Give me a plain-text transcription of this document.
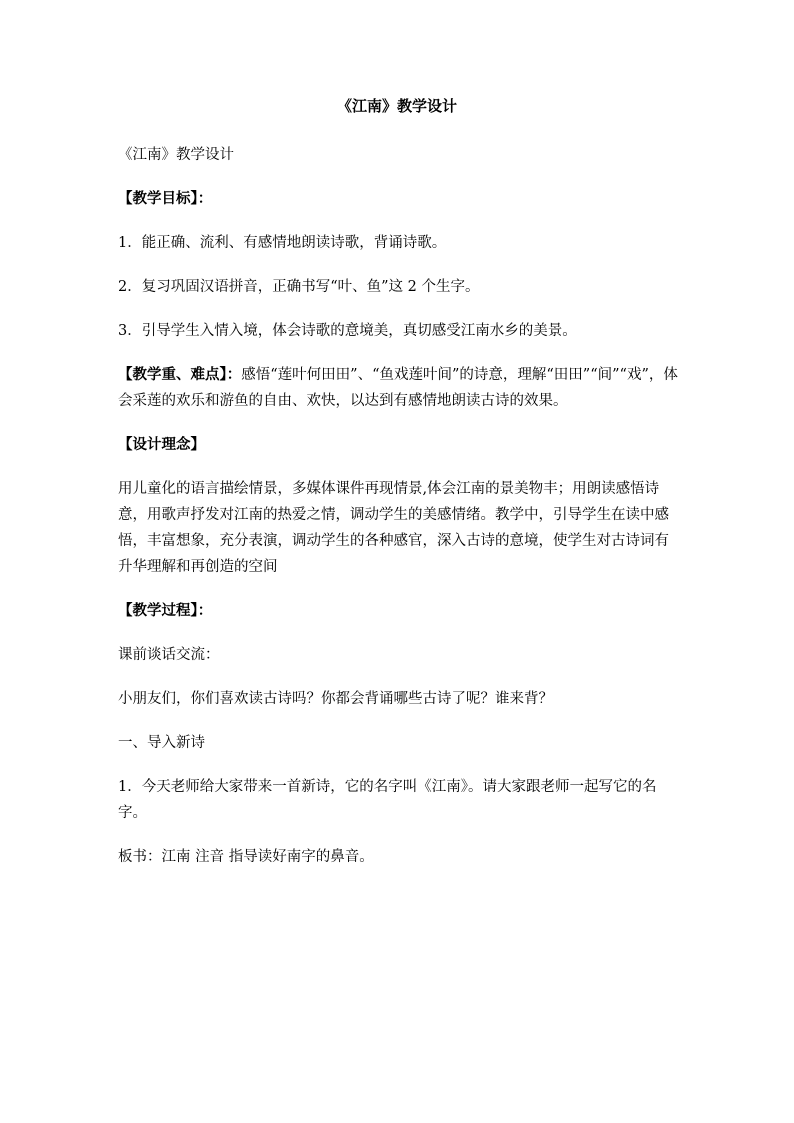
《江南》教学设计

《江南》教学设计

【教学目标】：

1．能正确、流利、有感情地朗读诗歌，背诵诗歌。

2．复习巩固汉语拼音，正确书写“叶、鱼”这 2 个生字。

3．引导学生入情入境，体会诗歌的意境美，真切感受江南水乡的美景。

【教学重、难点】：感悟“莲叶何田田”、“鱼戏莲叶间”的诗意，理解“田田”“间”“戏”，体会采莲的欢乐和游鱼的自由、欢快，以达到有感情地朗读古诗的效果。

【设计理念】

用儿童化的语言描绘情景，多媒体课件再现情景,体会江南的景美物丰；用朗读感悟诗意，用歌声抒发对江南的热爱之情，调动学生的美感情绪。教学中，引导学生在读中感悟，丰富想象，充分表演，调动学生的各种感官，深入古诗的意境，使学生对古诗词有升华理解和再创造的空间

【教学过程】：

课前谈话交流：

小朋友们，你们喜欢读古诗吗？你都会背诵哪些古诗了呢？谁来背？

一、导入新诗

1．今天老师给大家带来一首新诗，它的名字叫《江南》。请大家跟老师一起写它的名字。

板书：江南 注音 指导读好南字的鼻音。
